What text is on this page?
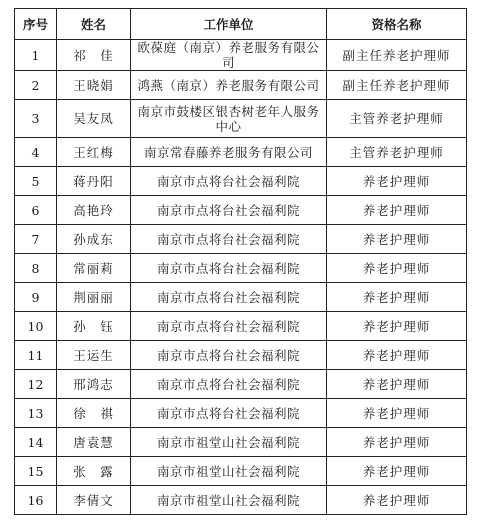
序号	姓名	工作单位	资格名称
1	祁　佳	欧葆庭（南京）养老服务有限公司	副主任养老护理师
2	王晓娟	鸿燕（南京）养老服务有限公司	副主任养老护理师
3	吴友凤	南京市鼓楼区银杏树老年人服务中心	主管养老护理师
4	王红梅	南京常春藤养老服务有限公司	主管养老护理师
5	蒋丹阳	南京市点将台社会福利院	养老护理师
6	高艳玲	南京市点将台社会福利院	养老护理师
7	孙成东	南京市点将台社会福利院	养老护理师
8	常丽莉	南京市点将台社会福利院	养老护理师
9	荆丽丽	南京市点将台社会福利院	养老护理师
10	孙　钰	南京市点将台社会福利院	养老护理师
11	王运生	南京市点将台社会福利院	养老护理师
12	邢鸿志	南京市点将台社会福利院	养老护理师
13	徐　祺	南京市点将台社会福利院	养老护理师
14	唐袁慧	南京市祖堂山社会福利院	养老护理师
15	张　露	南京市祖堂山社会福利院	养老护理师
16	李倩文	南京市祖堂山社会福利院	养老护理师
